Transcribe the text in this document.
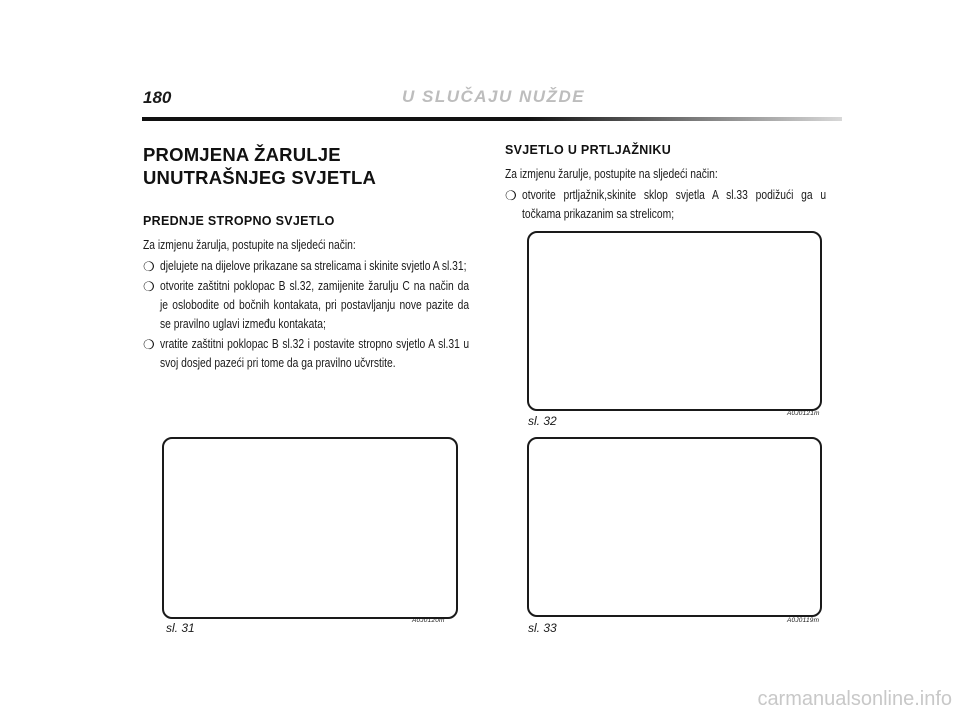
180	U SLUČAJU NUŽDE
PROMJENA ŽARULJE
UNUTRAŠNJEG SVJETLA
PREDNJE STROPNO SVJETLO
Za izmjenu žarulja, postupite na sljedeći način:
❍ djelujete na dijelove prikazane sa strelicama i skinite svjetlo A sl.31;
❍ otvorite zaštitni poklopac B sl.32, zamijenite žarulju C na način da je oslobodite od bočnih kontakata, pri postavljanju nove pazite da se pravilno uglavi između kontakata;
❍ vratite zaštitni poklopac B sl.32 i postavite stropno svjetlo A sl.31 u svoj dosjed pazeći pri tome da ga pravilno učvrstite.
SVJETLO U PRTLJAŽNIKU
Za izmjenu žarulje, postupite na sljedeći način:
❍ otvorite prtljažnik,skinite sklop svjetla A sl.33 podižući ga u točkama prikazanim sa strelicom;
sl. 31
A0J0120m
sl. 32
A0J0121m
sl. 33
A0J0119m
carmanualsonline.info
